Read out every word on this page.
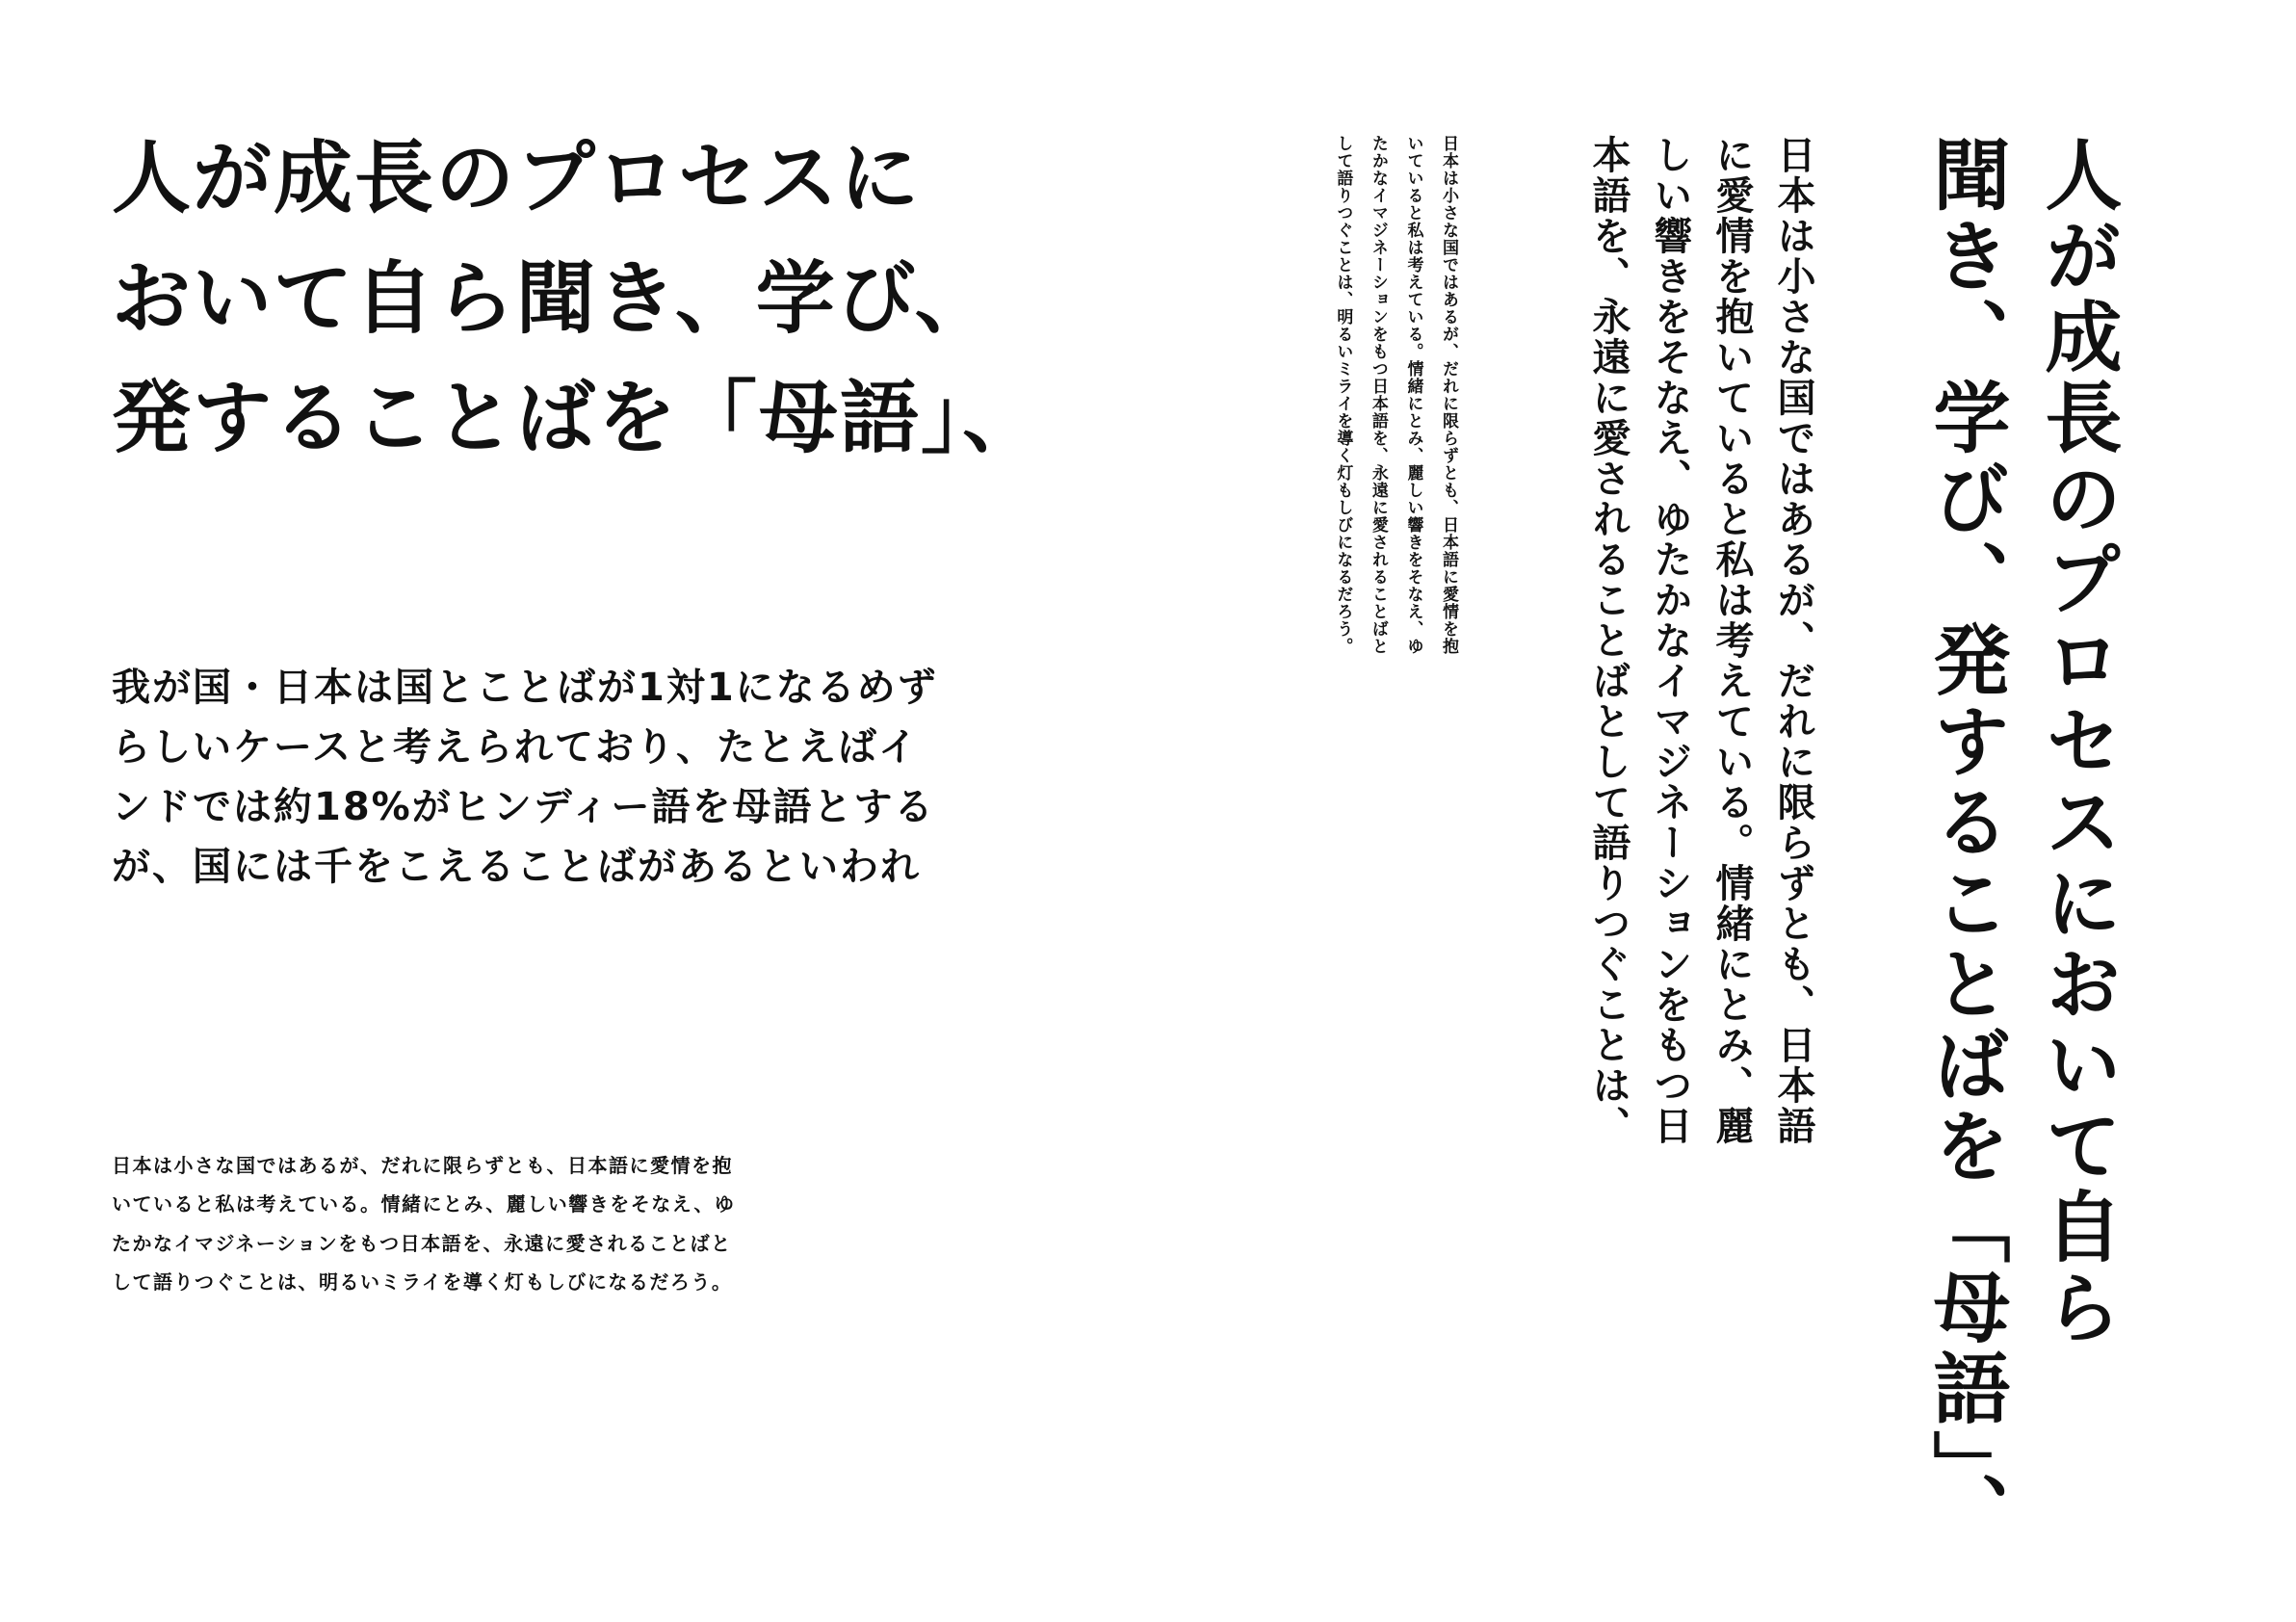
人が成長のプロセスに
おいて自ら聞き、学び、
発することばを「母語」、
我が国・日本は国とことばが1対1になるめず
らしいケースと考えられており、たとえばイ
ンドでは約18%がヒンディー語を母語とする
が、国には千をこえることばがあるといわれ
日本は小さな国ではあるが、だれに限らずとも、日本語に愛情を抱
いていると私は考えている。情緒にとみ、麗しい響きをそなえ、ゆ
たかなイマジネーションをもつ日本語を、永遠に愛されることばと
して語りつぐことは、明るいミライを導く灯もしびになるだろう。	人が成長のプロセスにおいて自ら
聞き、学び、発することばを「母語」、
日本は小さな国ではあるが、だれに限らずとも、日本語
に愛情を抱いていると私は考えている。情緒にとみ、麗
しい響きをそなえ、ゆたかなイマジネーションをもつ日
本語を、永遠に愛されることばとして語りつぐことは、
日本は小さな国ではあるが、だれに限らずとも、日本語に愛情を抱
いていると私は考えている。情緒にとみ、麗しい響きをそなえ、ゆ
たかなイマジネーションをもつ日本語を、永遠に愛されることばと
して語りつぐことは、明るいミライを導く灯もしびになるだろう。
